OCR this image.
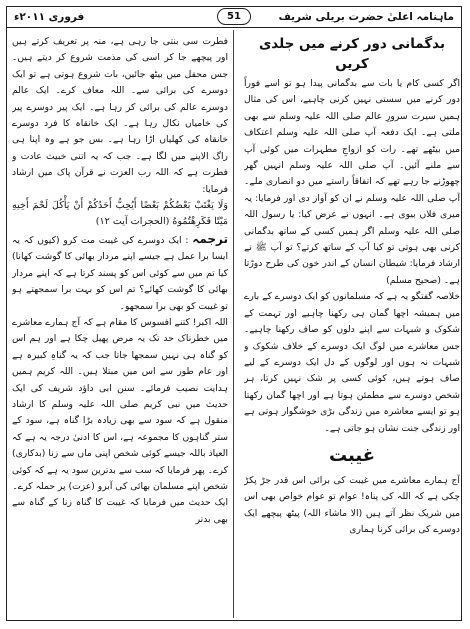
ماہنامہ اعلیٰ حضرت بریلی شریف
51
فروری ۲۰۱۱ء
بدگمانی دور کرنے میں جلدی کریں

اگر کسی کام یا بات سے بدگمانی پیدا ہو تو اسے فوراً دور کرنے میں سستی نہیں کرنی چاہیے، اس کی مثال ہمیں سیرت سرورِ عالم صلی اللہ علیہ وسلم سے بھی ملتی ہے۔ ایک دفعہ آپ صلی اللہ علیہ وسلم اعتکاف میں بیٹھے تھے۔ رات کو ازواجِ مطہرات میں کوئی آپ سے ملنے آئیں۔ آپ صلی اللہ علیہ وسلم انہیں گھر چھوڑنے جا رہے تھے کہ اتفاقاً راستے میں دو انصاری ملے۔ آپ صلی اللہ علیہ وسلم نے ان کو آواز دی اور فرمایا: یہ میری فلاں بیوی ہے۔ انہوں نے عرض کیا: یا رسول اللہ صلی اللہ علیہ وسلم اگر ہمیں کسی کے ساتھ بدگمانی کرنی بھی ہوتی تو کیا آپ کے ساتھ کرتے؟ تو آپ ﷺ نے ارشاد فرمایا: شیطان انسان کے اندر خون کی طرح دوڑتا ہے۔ (صحیح مسلم)

خلاصہ گفتگو یہ ہے کہ مسلمانوں کو ایک دوسرے کے بارے میں ہمیشہ اچھا گمان ہی رکھنا چاہیے اور تہمت کے شکوک و شبہات سے اپنے دلوں کو صاف رکھنا چاہیے۔ جس معاشرے میں لوگ ایک دوسرے کے خلاف شکوک و شبہات نہ ہوں اور لوگوں کے دل ایک دوسرے کے لیے صاف ہوتے ہیں، کوئی کسی پر شک نہیں کرتا، ہر شخص دوسرے سے مطمئن ہوتا ہے اور اچھا گمان رکھتا ہو تو ایسے معاشرہ میں زندگی بڑی خوشگوار ہوتی ہے اور زندگی جنت نشان ہو جاتی ہے۔

غیبت

آج ہمارے معاشرے میں غیبت کی برائی اس قدر جڑ پکڑ چکی ہے کہ اللہ کی پناہ! عوام تو عوام خواص بھی اس میں شریک نظر آتے ہیں (الا ماشاء اللہ) پیٹھ پیچھے ایک دوسرے کی برائی کرنا ہماری

فطرت سی بنتی جا رہی ہے، منہ پر تعریف کرتے ہیں اور پیچھے جا کر اسی کی مذمت شروع کر دیتے ہیں۔ جس محفل میں بیٹھ جائیں، بات شروع ہوتی ہے تو ایک دوسرے کی برائی سے۔ اللہ معاف کرے۔ ایک عالم دوسرے عالم کی برائی کر رہا ہے۔ ایک پیر دوسرے پیر کی خامیاں نکال رہا ہے۔ ایک خانقاہ کا فرد دوسرے خانقاہ کی کھلیاں اڑا رہا ہے۔ بس جو ہے وہ اپنا ہی راگ الاپنے میں لگا ہے۔ جب کہ یہ اتنی خبیث عادت و فطرت ہے کہ اللہ رب العزت نے قرآن پاک میں ارشاد فرمایا:

وَلَا يَغْتَبْ بَعْضُكُمْ بَعْضًا أَيُحِبُّ أَحَدُكُمْ أَنْ يَأْكُلَ لَحْمَ أَخِيهِ مَيْتًا فَكَرِهْتُمُوهُ (الحجرات آیت ۱۲)

ترجمہ : ایک دوسرے کی غیبت مت کرو (کیوں کہ یہ ایسا برا عمل ہے جیسے اپنے مردار بھائی کا گوشت کھانا) کیا تم میں سے کوئی اس کو پسند کرتا ہے کہ اپنے مردار بھائی کا گوشت کھائے؟ تم اس کو بہت برا سمجھتے ہو تو غیبت کو بھی برا سمجھو۔

اللہ اکبر! کتنے افسوس کا مقام ہے کہ آج ہمارے معاشرے میں خطرناک حد تک یہ مرض پھیل چکا ہے اور ہم اس کو گناہ ہی نہیں سمجھا جاتا جب کہ یہ گناہِ کبیرہ ہے اور عام طور سے اس میں مبتلا ہیں۔ اللہ کریم ہمیں ہدایت نصیب فرمائے۔ سنن ابی داؤد شریف کی ایک حدیث میں نبی کریم صلی اللہ علیہ وسلم کا ارشاد منقول ہے کہ سود سے بھی زیادہ بڑا گناہ ہے، سود کے ستر گناہوں کا مجموعہ ہے، اس کا ادنیٰ درجہ یہ ہے کہ العیاذ باللہ جیسے کوئی شخص اپنی ماں سے زنا (بدکاری) کرے۔ پھر فرمایا کہ سب سے بدترین سود یہ ہے کہ کوئی شخص اپنے مسلمان بھائی کی آبرو (عزت) پر حملہ کرے۔

ایک حدیث میں فرمایا کہ غیبت کا گناہ زنا کے گناہ سے بھی بدتر
